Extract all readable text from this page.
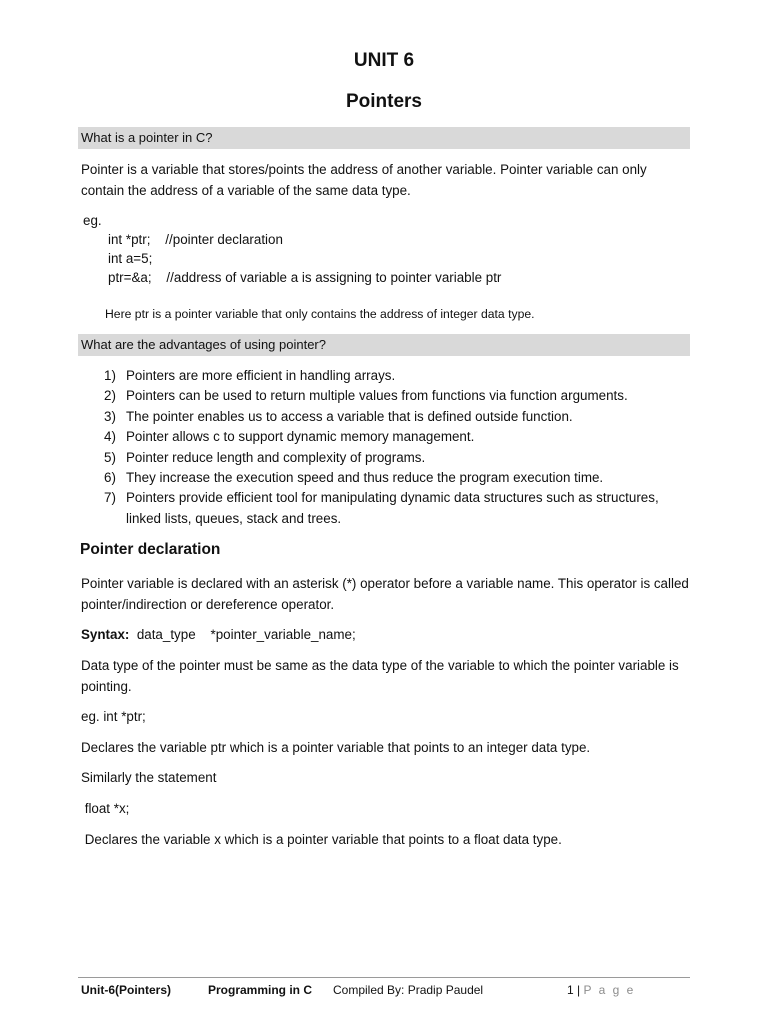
UNIT 6
Pointers
What is a pointer in C?
Pointer is a variable that stores/points the address of another variable. Pointer variable can only contain the address of a variable of the same data type.
eg.
int *ptr;    //pointer declaration
int a=5;
ptr=&a;    //address of variable a is assigning to pointer variable ptr
Here ptr is a pointer variable that only contains the address of integer data type.
What are the advantages of using pointer?
1) Pointers are more efficient in handling arrays.
2) Pointers can be used to return multiple values from functions via function arguments.
3) The pointer enables us to access a variable that is defined outside function.
4) Pointer allows c to support dynamic memory management.
5) Pointer reduce length and complexity of programs.
6) They increase the execution speed and thus reduce the program execution time.
7) Pointers provide efficient tool for manipulating dynamic data structures such as structures, linked lists, queues, stack and trees.
Pointer declaration
Pointer variable is declared with an asterisk (*) operator before a variable name. This operator is called pointer/indirection or dereference operator.
Syntax:  data_type    *pointer_variable_name;
Data type of the pointer must be same as the data type of the variable to which the pointer variable is pointing.
eg. int *ptr;
Declares the variable ptr which is a pointer variable that points to an integer data type.
Similarly the statement
float *x;
Declares the variable x which is a pointer variable that points to a float data type.
Unit-6(Pointers)	Programming in C Compiled By: Pradip Paudel	1 | P a g e
